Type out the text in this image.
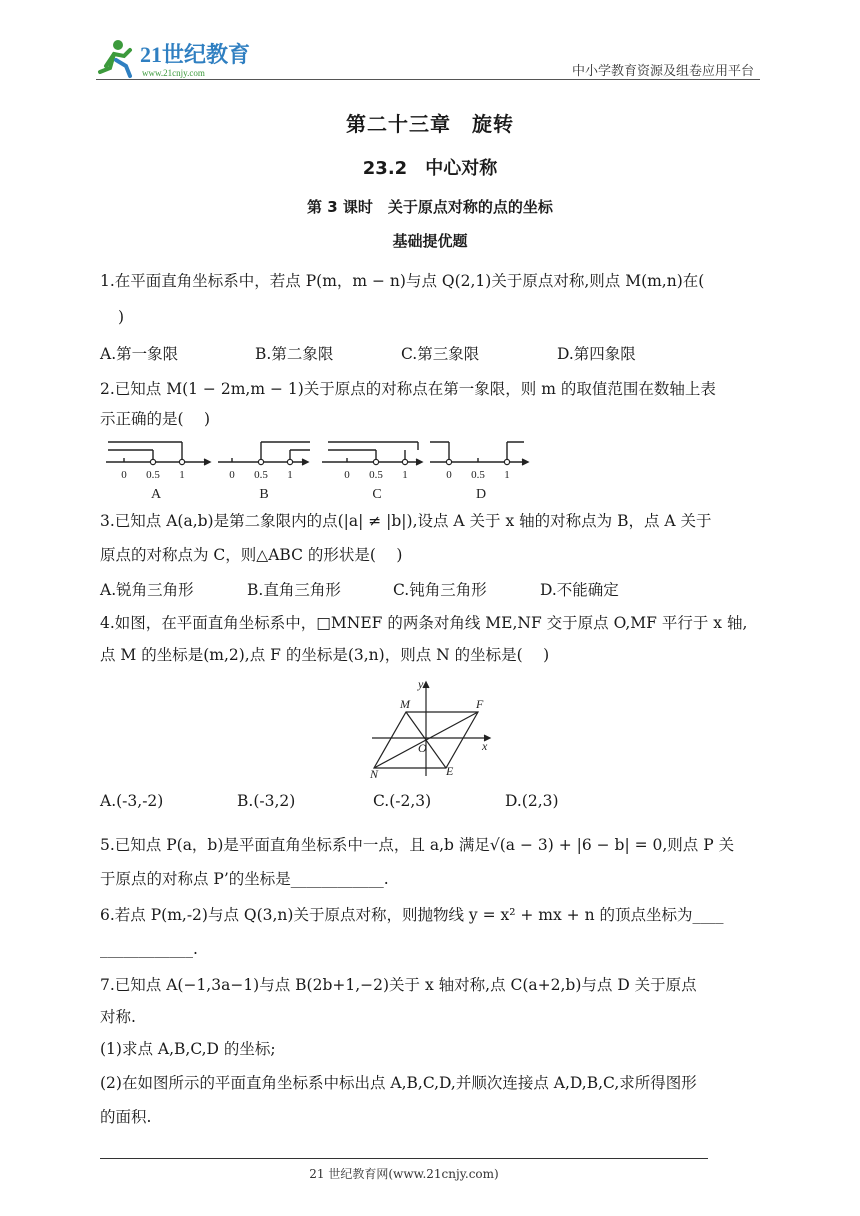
21世纪教育
www.21cnjy.com	中小学教育资源及组卷应用平台
第二十三章　旋转
23.2　中心对称
第 3 课时　关于原点对称的点的坐标
基础提优题
1.在平面直角坐标系中，若点 P(m，m − n)与点 Q(2,1)关于原点对称,则点 M(m,n)在(
)
A.第一象限	B.第二象限	C.第三象限	D.第四象限
2.已知点 M(1 − 2m,m − 1)关于原点的对称点在第一象限，则 m 的取值范围在数轴上表
示正确的是(　 )
0 0.5 1	0 0.5 1	0 0.5 1	0 0.5 1
A	B	C	D
3.已知点 A(a,b)是第二象限内的点(|a| ≠ |b|),设点 A 关于 x 轴的对称点为 B，点 A 关于
原点的对称点为 C，则△ABC 的形状是(　 )
A.锐角三角形	B.直角三角形	C.钝角三角形	D.不能确定
4.如图，在平面直角坐标系中，□MNEF 的两条对角线 ME,NF 交于原点 O,MF 平行于 x 轴,
点 M 的坐标是(m,2),点 F 的坐标是(3,n)，则点 N 的坐标是(　 )
y
x
M	F
O
N	E
A.(-3,-2)	B.(-3,2)	C.(-2,3)	D.(2,3)
5.已知点 P(a，b)是平面直角坐标系中一点，且 a,b 满足√(a − 3) + |6 − b| = 0,则点 P 关
于原点的对称点 P’的坐标是____________.
6.若点 P(m,-2)与点 Q(3,n)关于原点对称，则抛物线 y = x² + mx + n 的顶点坐标为____
____________.
7.已知点 A(−1,3a−1)与点 B(2b+1,−2)关于 x 轴对称,点 C(a+2,b)与点 D 关于原点
对称.
(1)求点 A,B,C,D 的坐标;
(2)在如图所示的平面直角坐标系中标出点 A,B,C,D,并顺次连接点 A,D,B,C,求所得图形
的面积.
21 世纪教育网(www.21cnjy.com)
